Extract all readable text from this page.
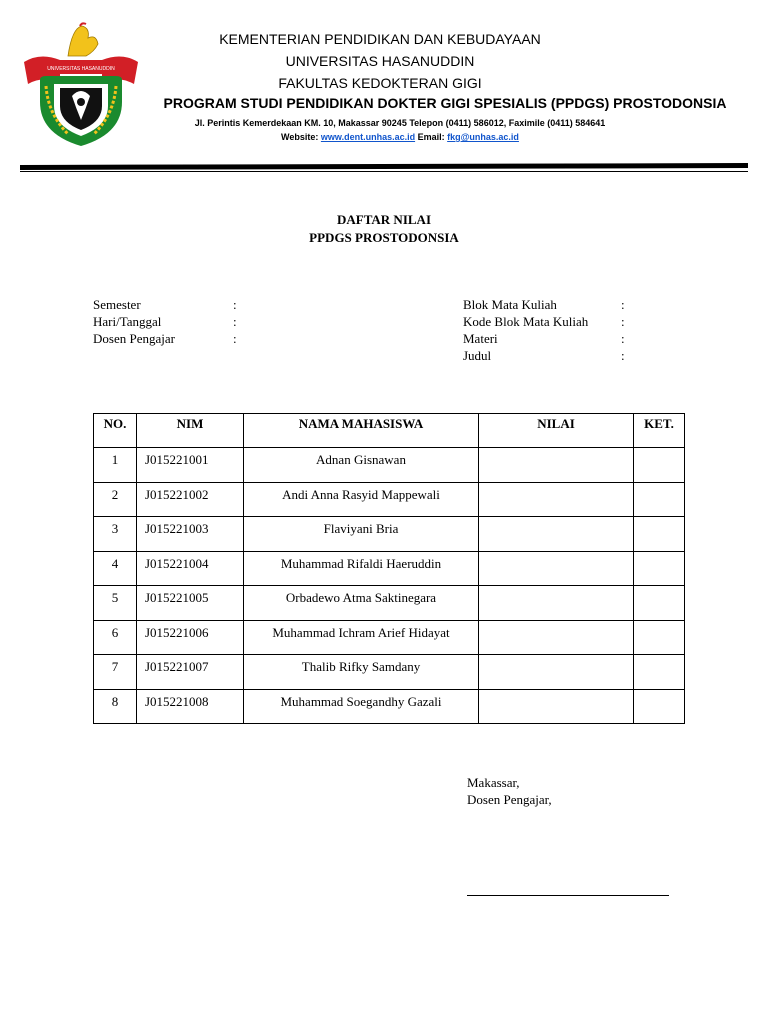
UNIVERSITAS HASANUDDIN
KEMENTERIAN PENDIDIKAN DAN KEBUDAYAAN
UNIVERSITAS HASANUDDIN
FAKULTAS KEDOKTERAN GIGI
PROGRAM STUDI PENDIDIKAN DOKTER GIGI SPESIALIS (PPDGS) PROSTODONSIA
Jl. Perintis Kemerdekaan KM. 10, Makassar 90245 Telepon (0411) 586012, Faximile (0411) 584641
Website: www.dent.unhas.ac.id Email: fkg@unhas.ac.id
DAFTAR NILAI
PPDGS PROSTODONSIA
Semester	:
Hari/Tanggal	:
Dosen Pengajar	:
Blok Mata Kuliah	:
Kode Blok Mata Kuliah	:
Materi	:
Judul	:
NO.	NIM	NAMA MAHASISWA	NILAI	KET.
1	J015221001	Adnan Gisnawan		
2	J015221002	Andi Anna Rasyid Mappewali		
3	J015221003	Flaviyani Bria		
4	J015221004	Muhammad Rifaldi Haeruddin		
5	J015221005	Orbadewo Atma Saktinegara		
6	J015221006	Muhammad Ichram Arief Hidayat		
7	J015221007	Thalib Rifky Samdany		
8	J015221008	Muhammad Soegandhy Gazali		
Makassar,
Dosen Pengajar,
